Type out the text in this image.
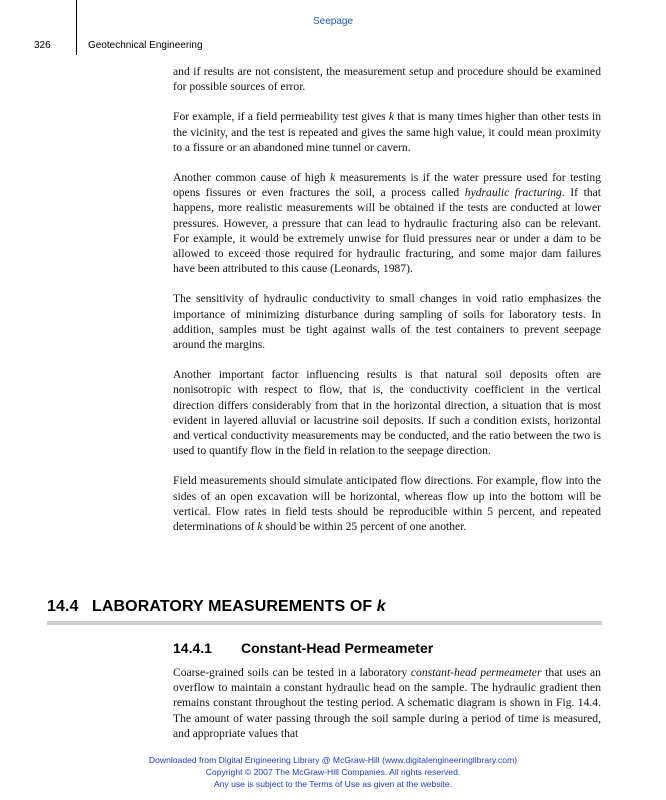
Seepage
326	Geotechnical Engineering

and if results are not consistent, the measurement setup and procedure should be examined for possible sources of error.

For example, if a field permeability test gives k that is many times higher than other tests in the vicinity, and the test is repeated and gives the same high value, it could mean proximity to a fissure or an abandoned mine tunnel or cavern.

Another common cause of high k measurements is if the water pressure used for testing opens fissures or even fractures the soil, a process called hydraulic fracturing. If that happens, more realistic measurements will be obtained if the tests are conducted at lower pressures. However, a pressure that can lead to hydraulic fracturing also can be relevant. For example, it would be extremely unwise for fluid pressures near or under a dam to be allowed to exceed those required for hydraulic fracturing, and some major dam failures have been attributed to this cause (Leonards, 1987).

The sensitivity of hydraulic conductivity to small changes in void ratio emphasizes the importance of minimizing disturbance during sampling of soils for laboratory tests. In addition, samples must be tight against walls of the test containers to prevent seepage around the margins.

Another important factor influencing results is that natural soil deposits often are nonisotropic with respect to flow, that is, the conductivity coefficient in the vertical direction differs considerably from that in the horizontal direction, a situation that is most evident in layered alluvial or lacustrine soil deposits. If such a condition exists, horizontal and vertical conductivity measurements may be conducted, and the ratio between the two is used to quantify flow in the field in relation to the seepage direction.

Field measurements should simulate anticipated flow directions. For example, flow into the sides of an open excavation will be horizontal, whereas flow up into the bottom will be vertical. Flow rates in field tests should be reproducible within 5 percent, and repeated determinations of k should be within 25 percent of one another.

14.4 LABORATORY MEASUREMENTS OF k
14.4.1 Constant-Head Permeameter

Coarse-grained soils can be tested in a laboratory constant-head permeameter that uses an overflow to maintain a constant hydraulic head on the sample. The hydraulic gradient then remains constant throughout the testing period. A schematic diagram is shown in Fig. 14.4. The amount of water passing through the soil sample during a period of time is measured, and appropriate values that

Downloaded from Digital Engineering Library @ McGraw-Hill (www.digitalengineeringlibrary.com)
Copyright © 2007 The McGraw-Hill Companies. All rights reserved.
Any use is subject to the Terms of Use as given at the website.
